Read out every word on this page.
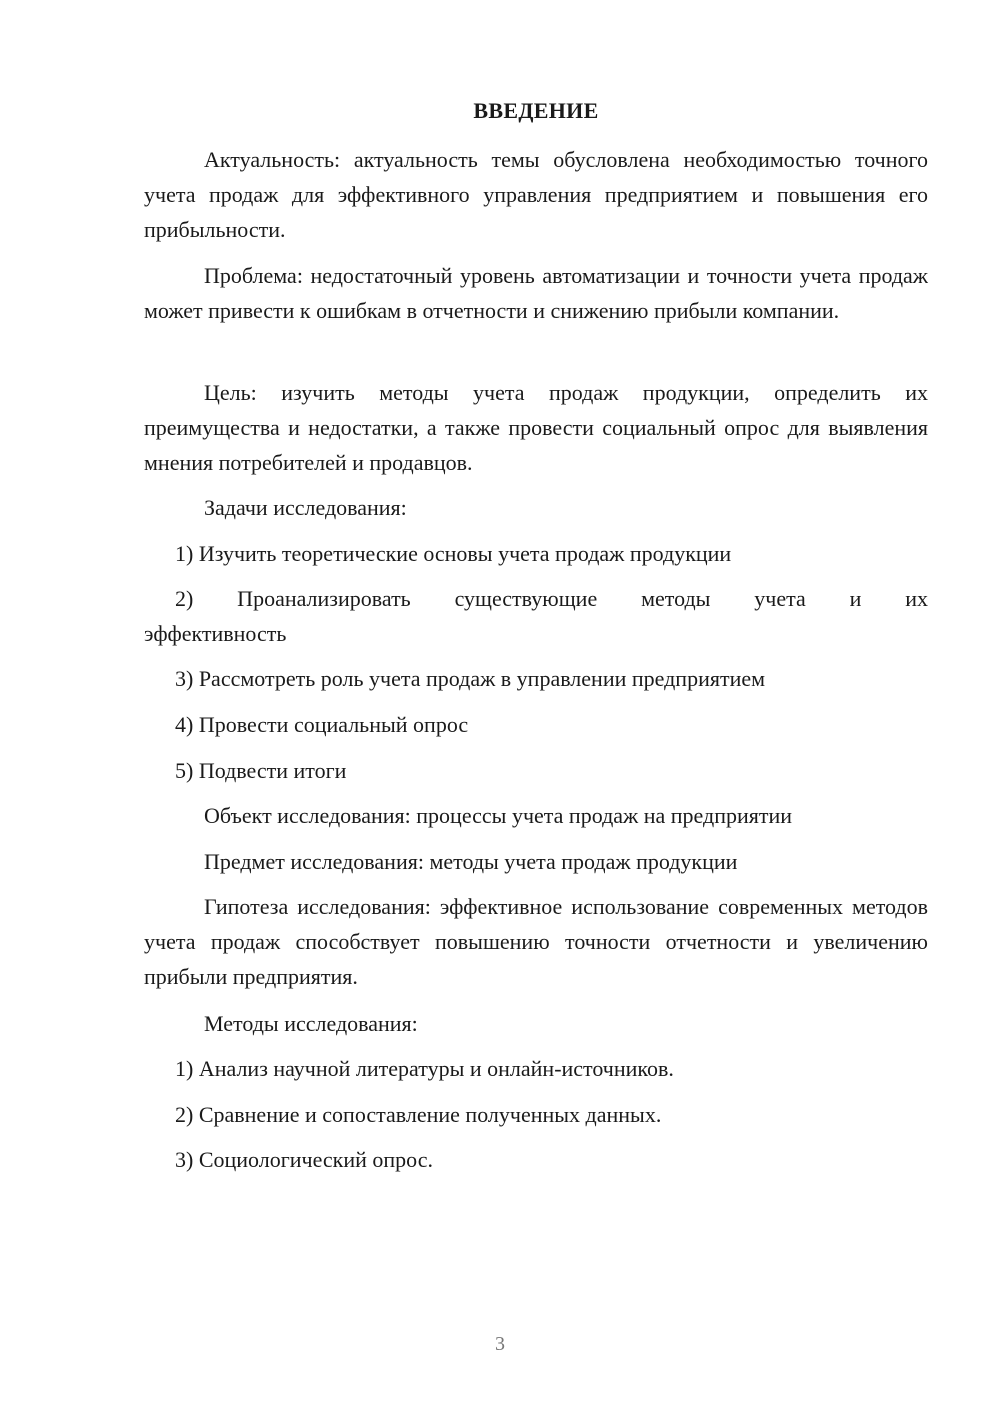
ВВЕДЕНИЕ
Актуальность: актуальность темы обусловлена необходимостью точного учета продаж для эффективного управления предприятием и повышения его прибыльности.
Проблема: недостаточный уровень автоматизации и точности учета продаж может привести к ошибкам в отчетности и снижению прибыли компании.
Цель: изучить методы учета продаж продукции, определить их преимущества и недостатки, а также провести социальный опрос для выявления мнения потребителей и продавцов.
Задачи исследования:
1) Изучить теоретические основы учета продаж продукции
2) Проанализировать существующие методы учета и их
эффективность
3) Рассмотреть роль учета продаж в управлении предприятием
4) Провести социальный опрос
5) Подвести итоги
Объект исследования: процессы учета продаж на предприятии
Предмет исследования: методы учета продаж продукции
Гипотеза исследования: эффективное использование современных методов учета продаж способствует повышению точности отчетности и увеличению прибыли предприятия.
Методы исследования:
1) Анализ научной литературы и онлайн-источников.
2) Сравнение и сопоставление полученных данных.
3) Социологический опрос.
3
